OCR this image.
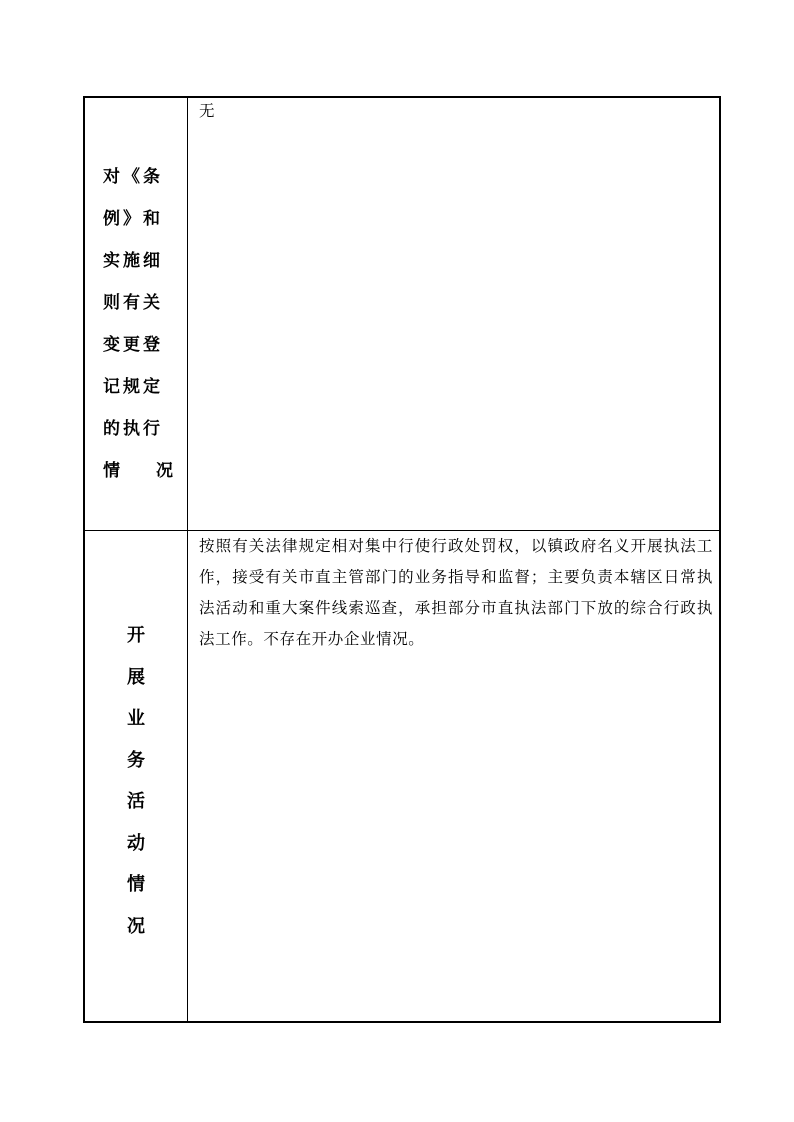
对《条
例》和
实施细
则有关
变更登
记规定
的执行
情 况
无
开
展
业
务
活
动
情
况
按照有关法律规定相对集中行使行政处罚权，以镇政府名义开展执法工作，接受有关市直主管部门的业务指导和监督；主要负责本辖区日常执法活动和重大案件线索巡查，承担部分市直执法部门下放的综合行政执法工作。不存在开办企业情况。
